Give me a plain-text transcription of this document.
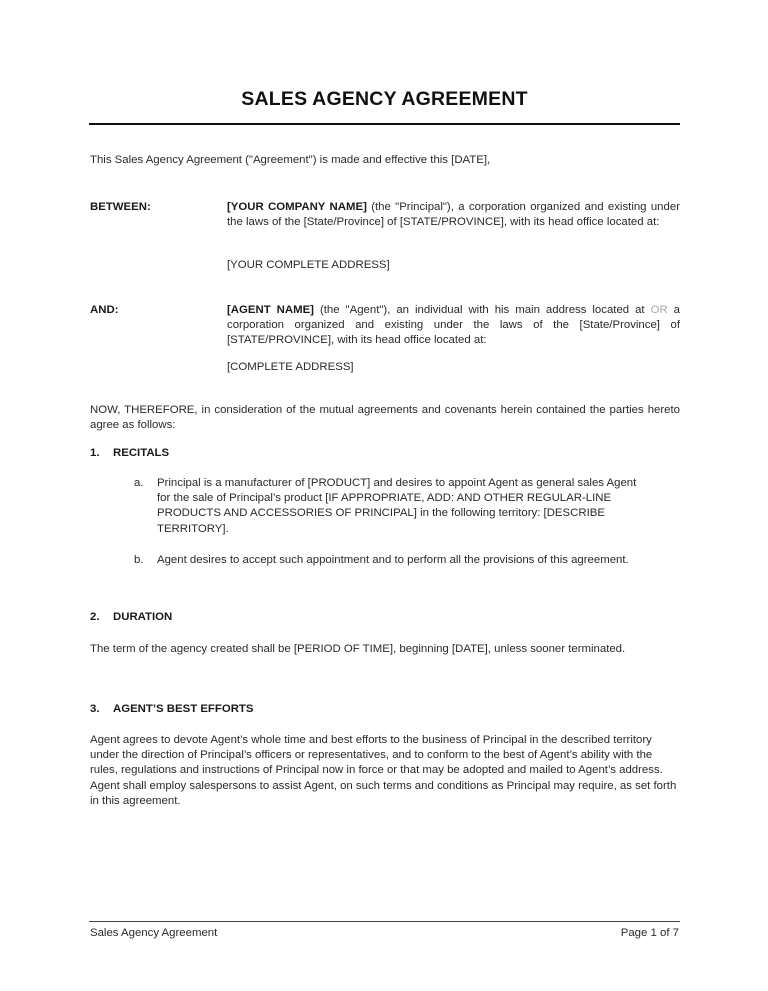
SALES AGENCY AGREEMENT
This Sales Agency Agreement ("Agreement") is made and effective this [DATE],
BETWEEN:	[YOUR COMPANY NAME] (the "Principal"), a corporation organized and existing under the laws of the [State/Province] of [STATE/PROVINCE], with its head office located at:
[YOUR COMPLETE ADDRESS]
AND:	[AGENT NAME] (the "Agent"), an individual with his main address located at OR a corporation organized and existing under the laws of the [State/Province] of [STATE/PROVINCE], with its head office located at:
[COMPLETE ADDRESS]
NOW, THEREFORE, in consideration of the mutual agreements and covenants herein contained the parties hereto agree as follows:
1. RECITALS
a. Principal is a manufacturer of [PRODUCT] and desires to appoint Agent as general sales Agent for the sale of Principal’s product [IF APPROPRIATE, ADD: AND OTHER REGULAR-LINE PRODUCTS AND ACCESSORIES OF PRINCIPAL] in the following territory: [DESCRIBE TERRITORY].
b. Agent desires to accept such appointment and to perform all the provisions of this agreement.
2. DURATION
The term of the agency created shall be [PERIOD OF TIME], beginning [DATE], unless sooner terminated.
3. AGENT’S BEST EFFORTS
Agent agrees to devote Agent’s whole time and best efforts to the business of Principal in the described territory under the direction of Principal’s officers or representatives, and to conform to the best of Agent’s ability with the rules, regulations and instructions of Principal now in force or that may be adopted and mailed to Agent’s address. Agent shall employ salespersons to assist Agent, on such terms and conditions as Principal may require, as set forth in this agreement.
Sales Agency Agreement	Page 1 of 7
